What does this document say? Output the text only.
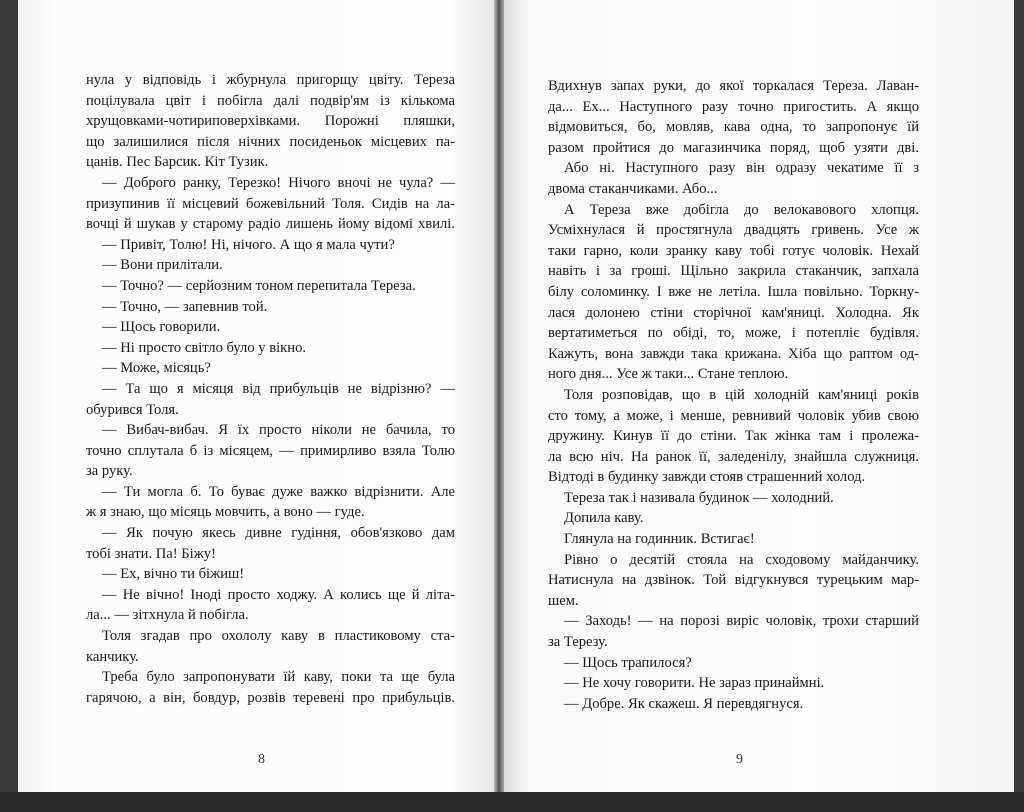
нула у відповідь і жбурнула пригорщу цвіту. Тереза
поцілувала цвіт і побігла далі подвір'ям із кількома
хрущовками-чотириповерхівками. Порожні пляшки,
що залишилися після нічних посиденьок місцевих па-
цанів. Пес Барсик. Кіт Тузик.
— Доброго ранку, Терезко! Нічого вночі не чула? —
призупинив її місцевий божевільний Толя. Сидів на ла-
вочці й шукав у старому радіо лишень йому відомі хвилі.
— Привіт, Толю! Ні, нічого. А що я мала чути?
— Вони прилітали.
— Точно? — серйозним тоном перепитала Тереза.
— Точно, — запевнив той.
— Щось говорили.
— Ні просто світло було у вікно.
— Може, місяць?
— Та що я місяця від прибульців не відрізню? —
обурився Толя.
— Вибач-вибач. Я їх просто ніколи не бачила, то
точно сплутала б із місяцем, — примирливо взяла Толю
за руку.
— Ти могла б. То буває дуже важко відрізнити. Але
ж я знаю, що місяць мовчить, а воно — гуде.
— Як почую якесь дивне гудіння, обов'язково дам
тобі знати. Па! Біжу!
— Ех, вічно ти біжиш!
— Не вічно! Іноді просто ходжу. А колись ще й літа-
ла... — зітхнула й побігла.
Толя згадав про охололу каву в пластиковому ста-
канчику.
Треба було запропонувати їй каву, поки та ще була
гарячою, а він, бовдур, розвів теревені про прибульців.
8
Вдихнув запах руки, до якої торкалася Тереза. Лаван-
да... Ех... Наступного разу точно пригостить. А якщо
відмовиться, бо, мовляв, кава одна, то запропонує їй
разом пройтися до магазинчика поряд, щоб узяти дві.
Або ні. Наступного разу він одразу чекатиме її з
двома стаканчиками. Або...
А Тереза вже добігла до велокавового хлопця.
Усміхнулася й простягнула двадцять гривень. Усе ж
таки гарно, коли зранку каву тобі готує чоловік. Нехай
навіть і за гроші. Щільно закрила стаканчик, запхала
білу соломинку. І вже не летіла. Ішла повільно. Торкну-
лася долонею стіни сторічної кам'яниці. Холодна. Як
вертатиметься по обіді, то, може, і потепліє будівля.
Кажуть, вона завжди така крижана. Хіба що раптом од-
ного дня... Усе ж таки... Стане теплою.
Толя розповідав, що в цій холодній кам'яниці років
сто тому, а може, і менше, ревнивий чоловік убив свою
дружину. Кинув її до стіни. Так жінка там і пролежа-
ла всю ніч. На ранок її, заледенілу, знайшла служниця.
Відтоді в будинку завжди стояв страшенний холод.
Тереза так і називала будинок — холодний.
Допила каву.
Глянула на годинник. Встигає!
Рівно о десятій стояла на сходовому майданчику.
Натиснула на дзвінок. Той відгукнувся турецьким мар-
шем.
— Заходь! — на порозі виріс чоловік, трохи старший
за Терезу.
— Щось трапилося?
— Не хочу говорити. Не зараз принаймні.
— Добре. Як скажеш. Я перевдягнуся.
9
